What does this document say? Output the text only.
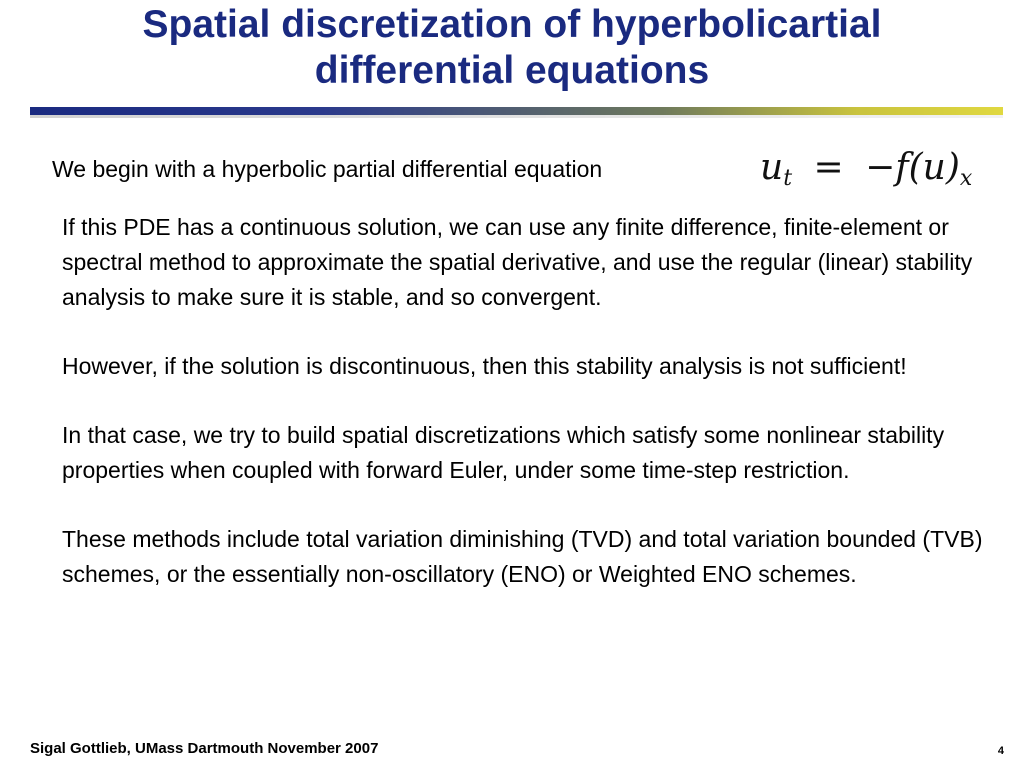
Spatial discretization of hyperbolicartial
differential equations
We begin with a hyperbolic partial differential equation	$u_t = -f(u)_x$

If this PDE has a continuous solution, we can use any finite difference, finite-element or spectral method to approximate the spatial derivative, and use the regular (linear) stability analysis to make sure it is stable, and so convergent.

However, if the solution is discontinuous, then this stability analysis is not sufficient!

In that case, we try to build spatial discretizations which satisfy some nonlinear stability properties when coupled with forward Euler, under some time-step restriction.

These methods include total variation diminishing (TVD) and total variation bounded (TVB) schemes, or the essentially non-oscillatory (ENO) or Weighted ENO schemes.

Sigal Gottlieb, UMass Dartmouth November 2007	4
